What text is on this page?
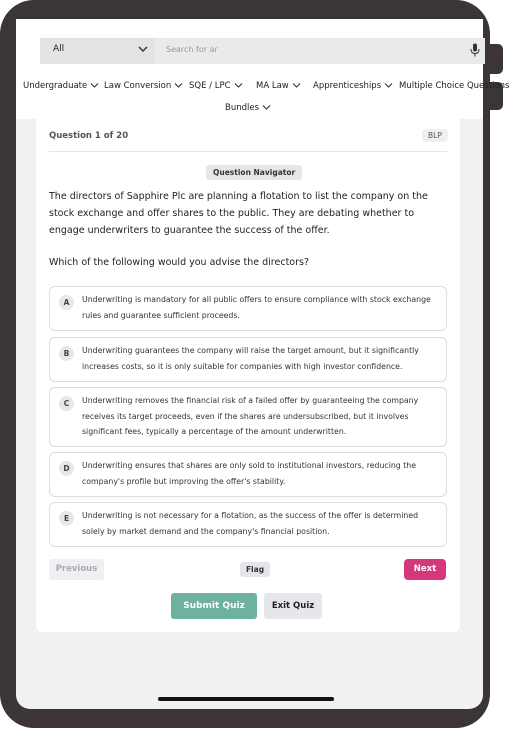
All	Search for ar
Undergraduate	Law Conversion	SQE / LPC	MA Law	Apprenticeships	Multiple Choice Questions
Bundles
Question 1 of 20	BLP
Question Navigator

The directors of Sapphire Plc are planning a flotation to list the company on the stock exchange and offer shares to the public. They are debating whether to engage underwriters to guarantee the success of the offer.

Which of the following would you advise the directors?
A	Underwriting is mandatory for all public offers to ensure compliance with stock exchange rules and guarantee sufficient proceeds.

B	Underwriting guarantees the company will raise the target amount, but it significantly increases costs, so it is only suitable for companies with high investor confidence.

C	Underwriting removes the financial risk of a failed offer by guaranteeing the company receives its target proceeds, even if the shares are undersubscribed, but it involves significant fees, typically a percentage of the amount underwritten.

D	Underwriting ensures that shares are only sold to institutional investors, reducing the company's profile but improving the offer's stability.

E	Underwriting is not necessary for a flotation, as the success of the offer is determined solely by market demand and the company's financial position.

Previous	Flag	Next
Submit Quiz	Exit Quiz
